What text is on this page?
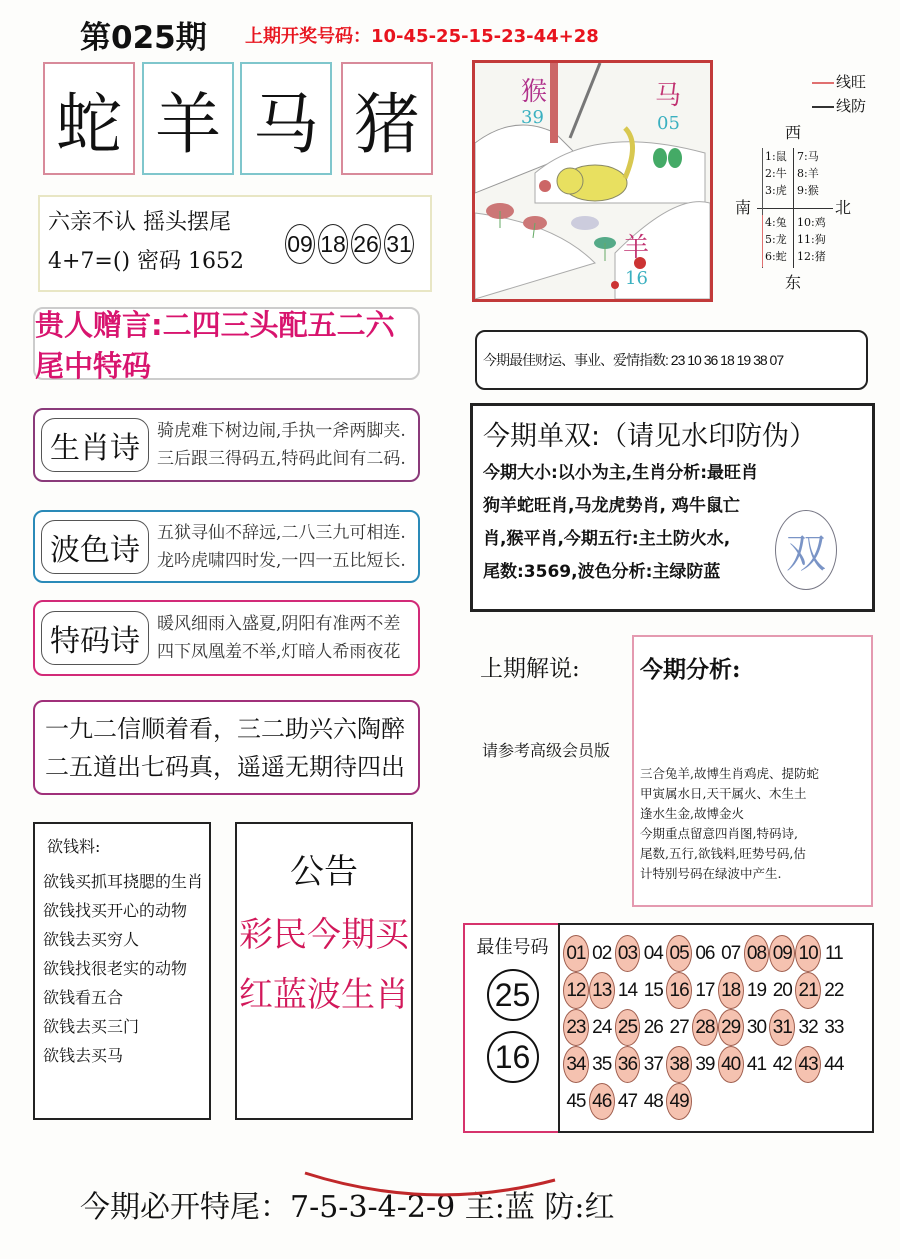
第025期 上期开奖号码：10-45-25-15-23-44+28
蛇 羊 马 猪
六亲不认 摇头摆尾
4+7=() 密码 1652
09 18 26 31
贵人赠言:二四三头配五二六尾中特码
生肖诗	骑虎难下树边闹,手执一斧两脚夹.
三后跟三得码五,特码此间有二码.
波色诗	五狱寻仙不辞远,二八三九可相连.
龙吟虎啸四时发,一四一五比短长.
特码诗	暖风细雨入盛夏,阴阳有准两不差
四下凤凰羞不举,灯暗人希雨夜花
一九二信顺着看，三二助兴六陶醉
二五道出七码真，遥遥无期待四出
欲钱料:
欲钱买抓耳挠腮的生肖
欲钱找买开心的动物
欲钱去买穷人
欲钱找很老实的动物
欲钱看五合
欲钱去买三门
欲钱去买马
公告
彩民今期买
红蓝波生肖
猴
39
马
05
羊
16
线旺
线防
西
南	北
东
1:鼠
2:牛
3:虎
7:马
8:羊
9:猴
4:兔
5:龙
6:蛇
10:鸡
11:狗
12:猪
今期最佳财运、事业、爱情指数: 23 10 36 18 19 38 07
今期单双:（请见水印防伪）
今期大小:以小为主,生肖分析:最旺肖
狗羊蛇旺肖,马龙虎势肖, 鸡牛鼠亡
肖,猴平肖,今期五行:主土防火水,
尾数:3569,波色分析:主绿防蓝	双
上期解说:
请参考高级会员版
今期分析:
三合兔羊,故博生肖鸡虎、提防蛇
甲寅属水日,天干属火、木生土
逢水生金,故博金火
今期重点留意四肖图,特码诗,
尾数,五行,欲钱料,旺势号码,估
计特别号码在绿波中产生.
最佳号码
25
16
01 02 03 04 05 06 07 08 09 10 11
12 13 14 15 16 17 18 19 20 21 22
23 24 25 26 27 28 29 30 31 32 33
34 35 36 37 38 39 40 41 42 43 44
45 46 47 48 49
今期必开特尾：7-5-3-4-2-9 主:蓝 防:红
